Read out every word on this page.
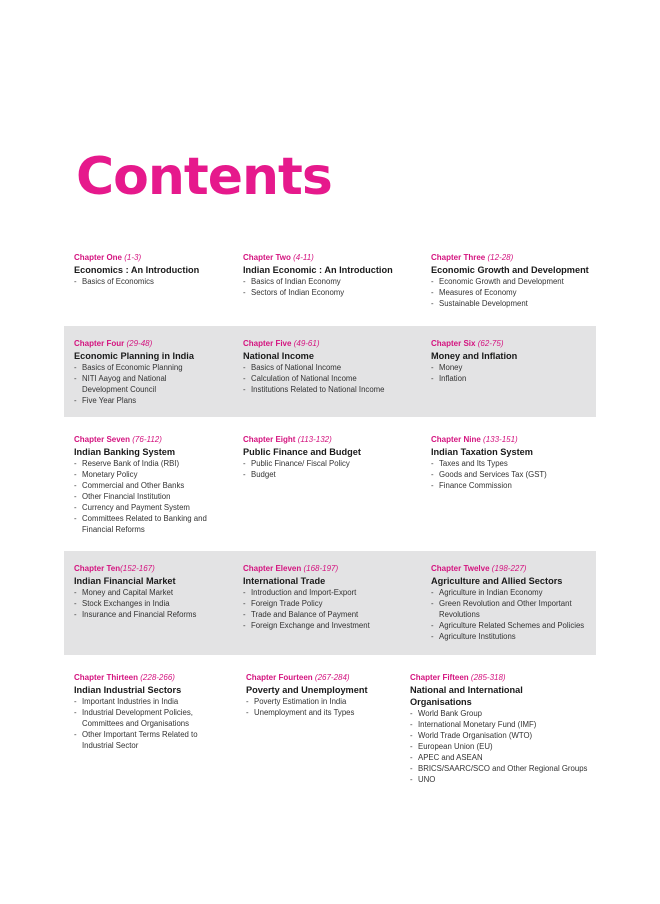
Contents
Chapter One (1-3)
Economics : An Introduction
- Basics of Economics
Chapter Two (4-11)
Indian Economic : An Introduction
- Basics of Indian Economy
- Sectors of Indian Economy
Chapter Three (12-28)
Economic Growth and Development
- Economic Growth and Development
- Measures of Economy
- Sustainable Development
Chapter Four (29-48)
Economic Planning in India
- Basics of Economic Planning
- NITI Aayog and National Development Council
- Five Year Plans
Chapter Five (49-61)
National Income
- Basics of National Income
- Calculation of National Income
- Institutions Related to National Income
Chapter Six (62-75)
Money and Inflation
- Money
- Inflation
Chapter Seven (76-112)
Indian Banking System
- Reserve Bank of India (RBI)
- Monetary Policy
- Commercial and Other Banks
- Other Financial Institution
- Currency and Payment System
- Committees Related to Banking and Financial Reforms
Chapter Eight (113-132)
Public Finance and Budget
- Public Finance/ Fiscal Policy
- Budget
Chapter Nine (133-151)
Indian Taxation System
- Taxes and Its Types
- Goods and Services Tax (GST)
- Finance Commission
Chapter Ten(152-167)
Indian Financial Market
- Money and Capital Market
- Stock Exchanges in India
- Insurance and Financial Reforms
Chapter Eleven (168-197)
International Trade
- Introduction and Import-Export
- Foreign Trade Policy
- Trade and Balance of Payment
- Foreign Exchange and Investment
Chapter Twelve (198-227)
Agriculture and Allied Sectors
- Agriculture in Indian Economy
- Green Revolution and Other Important Revolutions
- Agriculture Related Schemes and Policies
- Agriculture Institutions
Chapter Thirteen (228-266)
Indian Industrial Sectors
- Important Industries in India
- Industrial Development Policies, Committees and Organisations
- Other Important Terms Related to Industrial Sector
Chapter Fourteen (267-284)
Poverty and Unemployment
- Poverty Estimation in India
- Unemployment and its Types
Chapter Fifteen (285-318)
National and International Organisations
- World Bank Group
- International Monetary Fund (IMF)
- World Trade Organisation (WTO)
- European Union (EU)
- APEC and ASEAN
- BRICS/SAARC/SCO and Other Regional Groups
- UNO
